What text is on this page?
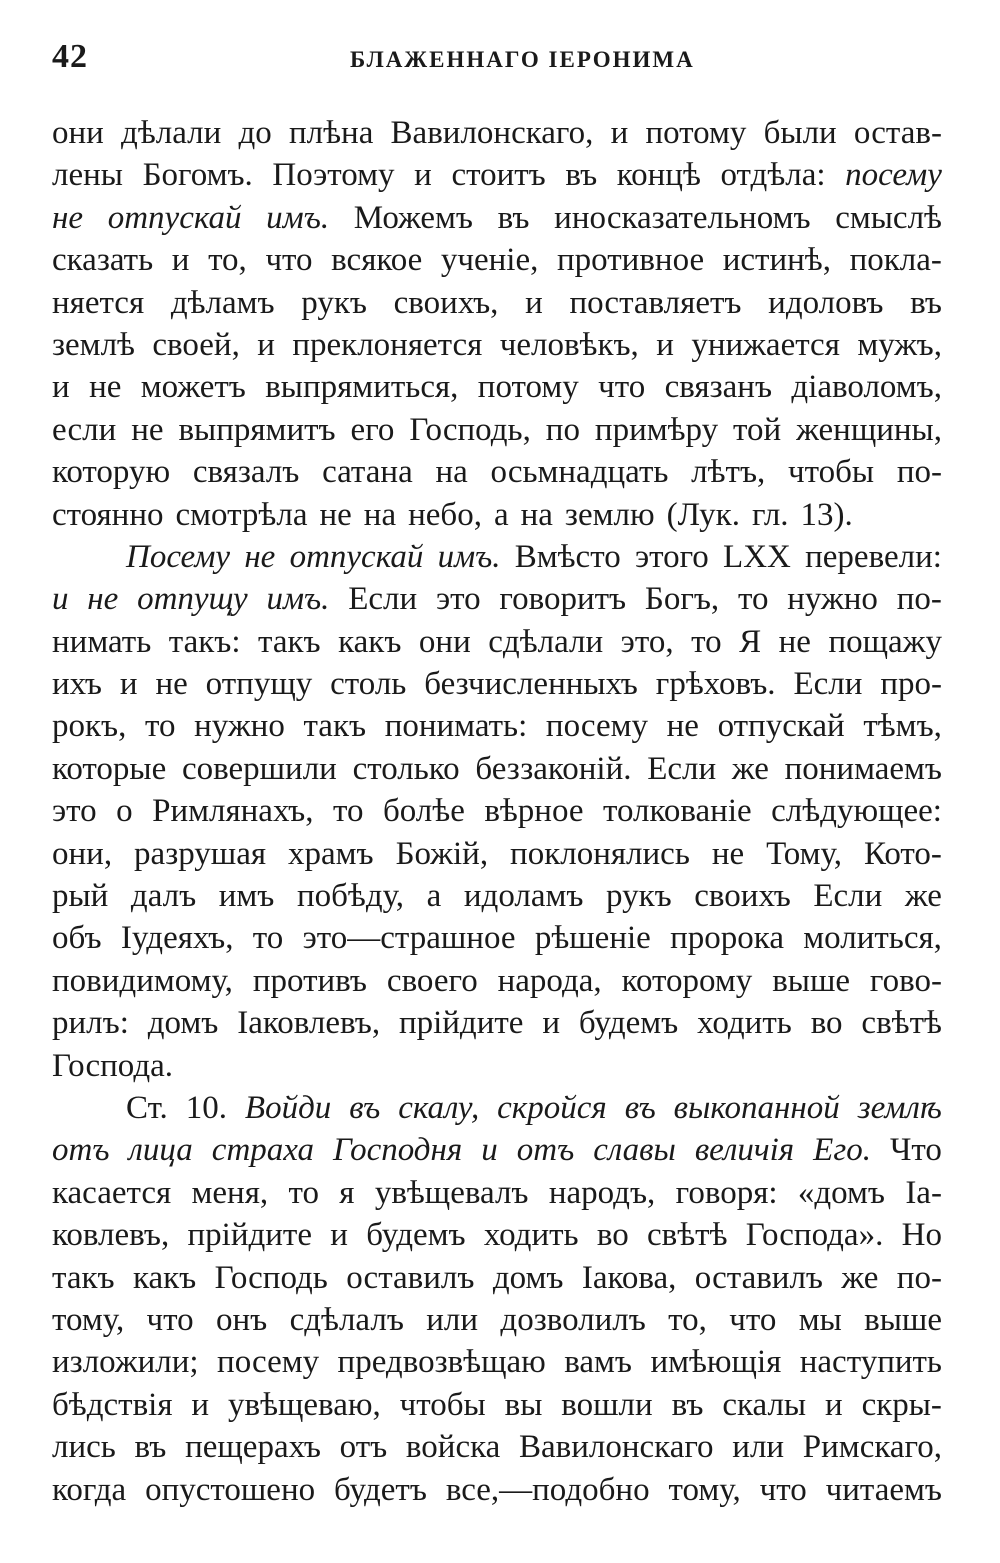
42	БЛАЖЕННАГО ІЕРОНИМА
они дѣлали до плѣна Вавилонскаго, и потому были остав-
лены Богомъ. Поэтому и стоитъ въ концѣ отдѣла: посему
не отпускай имъ. Можемъ въ иносказательномъ смыслѣ
сказать и то, что всякое ученіе, противное истинѣ, покла-
няется дѣламъ рукъ своихъ, и поставляетъ идоловъ въ
землѣ своей, и преклоняется человѣкъ, и унижается мужъ,
и не можетъ выпрямиться, потому что связанъ діаволомъ,
если не выпрямитъ его Господь, по примѣру той женщины,
которую связалъ сатана на осьмнадцать лѣтъ, чтобы по-
стоянно смотрѣла не на небо, а на землю (Лук. гл. 13).
Посему не отпускай имъ. Вмѣсто этого LXX перевели:
и не отпущу имъ. Если это говоритъ Богъ, то нужно по-
нимать такъ: такъ какъ они сдѣлали это, то Я не пощажу
ихъ и не отпущу столь безчисленныхъ грѣховъ. Если про-
рокъ, то нужно такъ понимать: посему не отпускай тѣмъ,
которые совершили столько беззаконій. Если же понимаемъ
это о Римлянахъ, то болѣе вѣрное толкованіе слѣдующее:
они, разрушая храмъ Божій, поклонялись не Тому, Кото-
рый далъ имъ побѣду, а идоламъ рукъ своихъ Если же
объ Іудеяхъ, то это—страшное рѣшеніе пророка молиться,
повидимому, противъ своего народа, которому выше гово-
рилъ: домъ Іаковлевъ, прійдите и будемъ ходить во свѣтѣ
Господа.
Ст. 10. Войди въ скалу, скройся въ выкопанной землѣ
отъ лица страха Господня и отъ славы величія Его. Что
касается меня, то я увѣщевалъ народъ, говоря: «домъ Іа-
ковлевъ, прійдите и будемъ ходить во свѣтѣ Господа». Но
такъ какъ Господь оставилъ домъ Іакова, оставилъ же по-
тому, что онъ сдѣлалъ или дозволилъ то, что мы выше
изложили; посему предвозвѣщаю вамъ имѣющія наступить
бѣдствія и увѣщеваю, чтобы вы вошли въ скалы и скры-
лись въ пещерахъ отъ войска Вавилонскаго или Римскаго,
когда опустошено будетъ все,—подобно тому, что читаемъ
